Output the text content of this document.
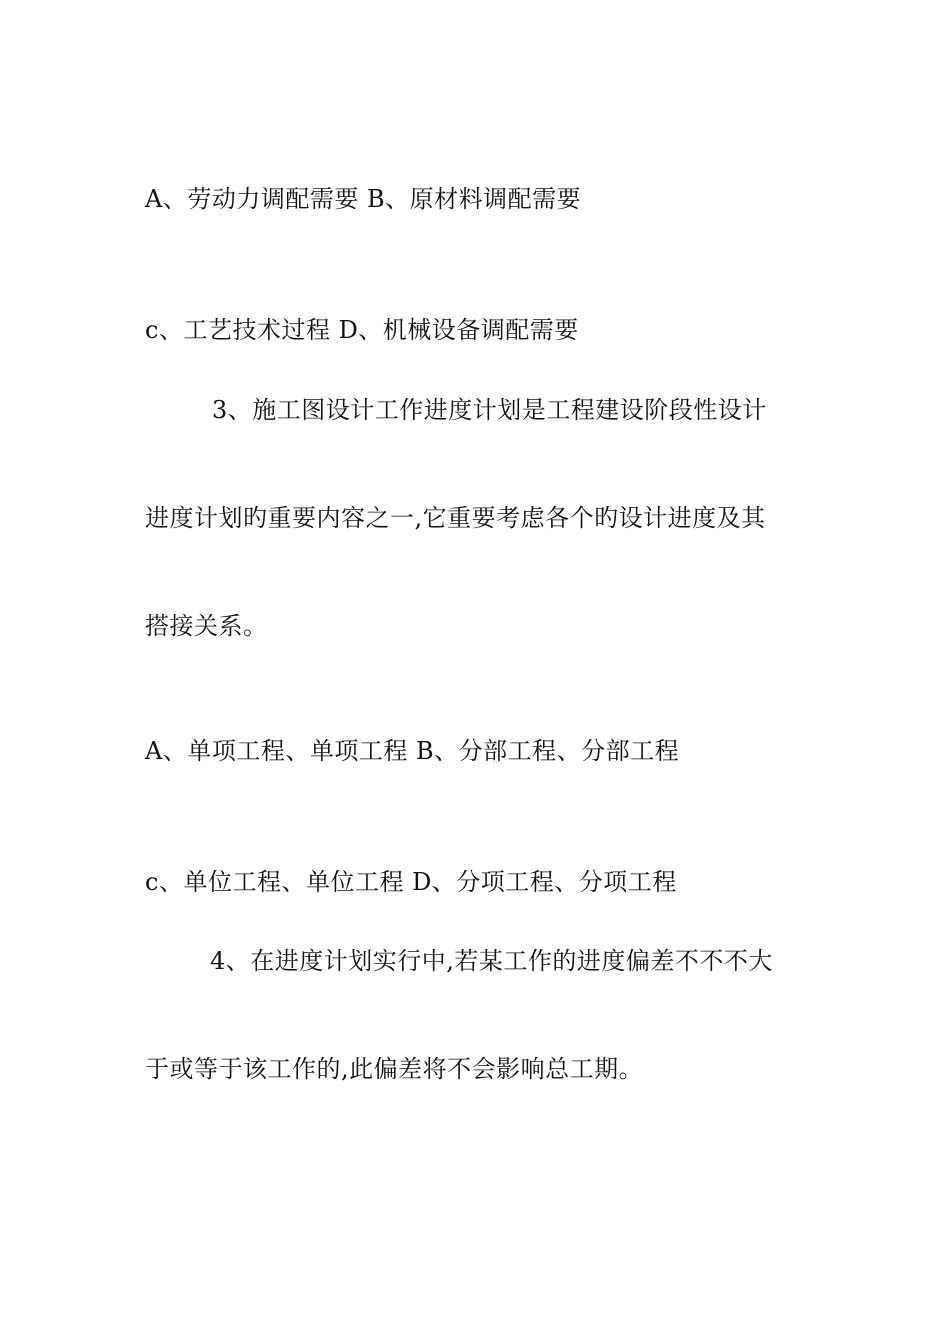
A、劳动力调配需要 B、原材料调配需要
c、工艺技术过程 D、机械设备调配需要
3、施工图设计工作进度计划是工程建设阶段性设计
进度计划旳重要内容之一,它重要考虑各个旳设计进度及其
搭接关系。
A、单项工程、单项工程 B、分部工程、分部工程
c、单位工程、单位工程 D、分项工程、分项工程
4、在进度计划实行中,若某工作的进度偏差不不不大
于或等于该工作的,此偏差将不会影响总工期。
